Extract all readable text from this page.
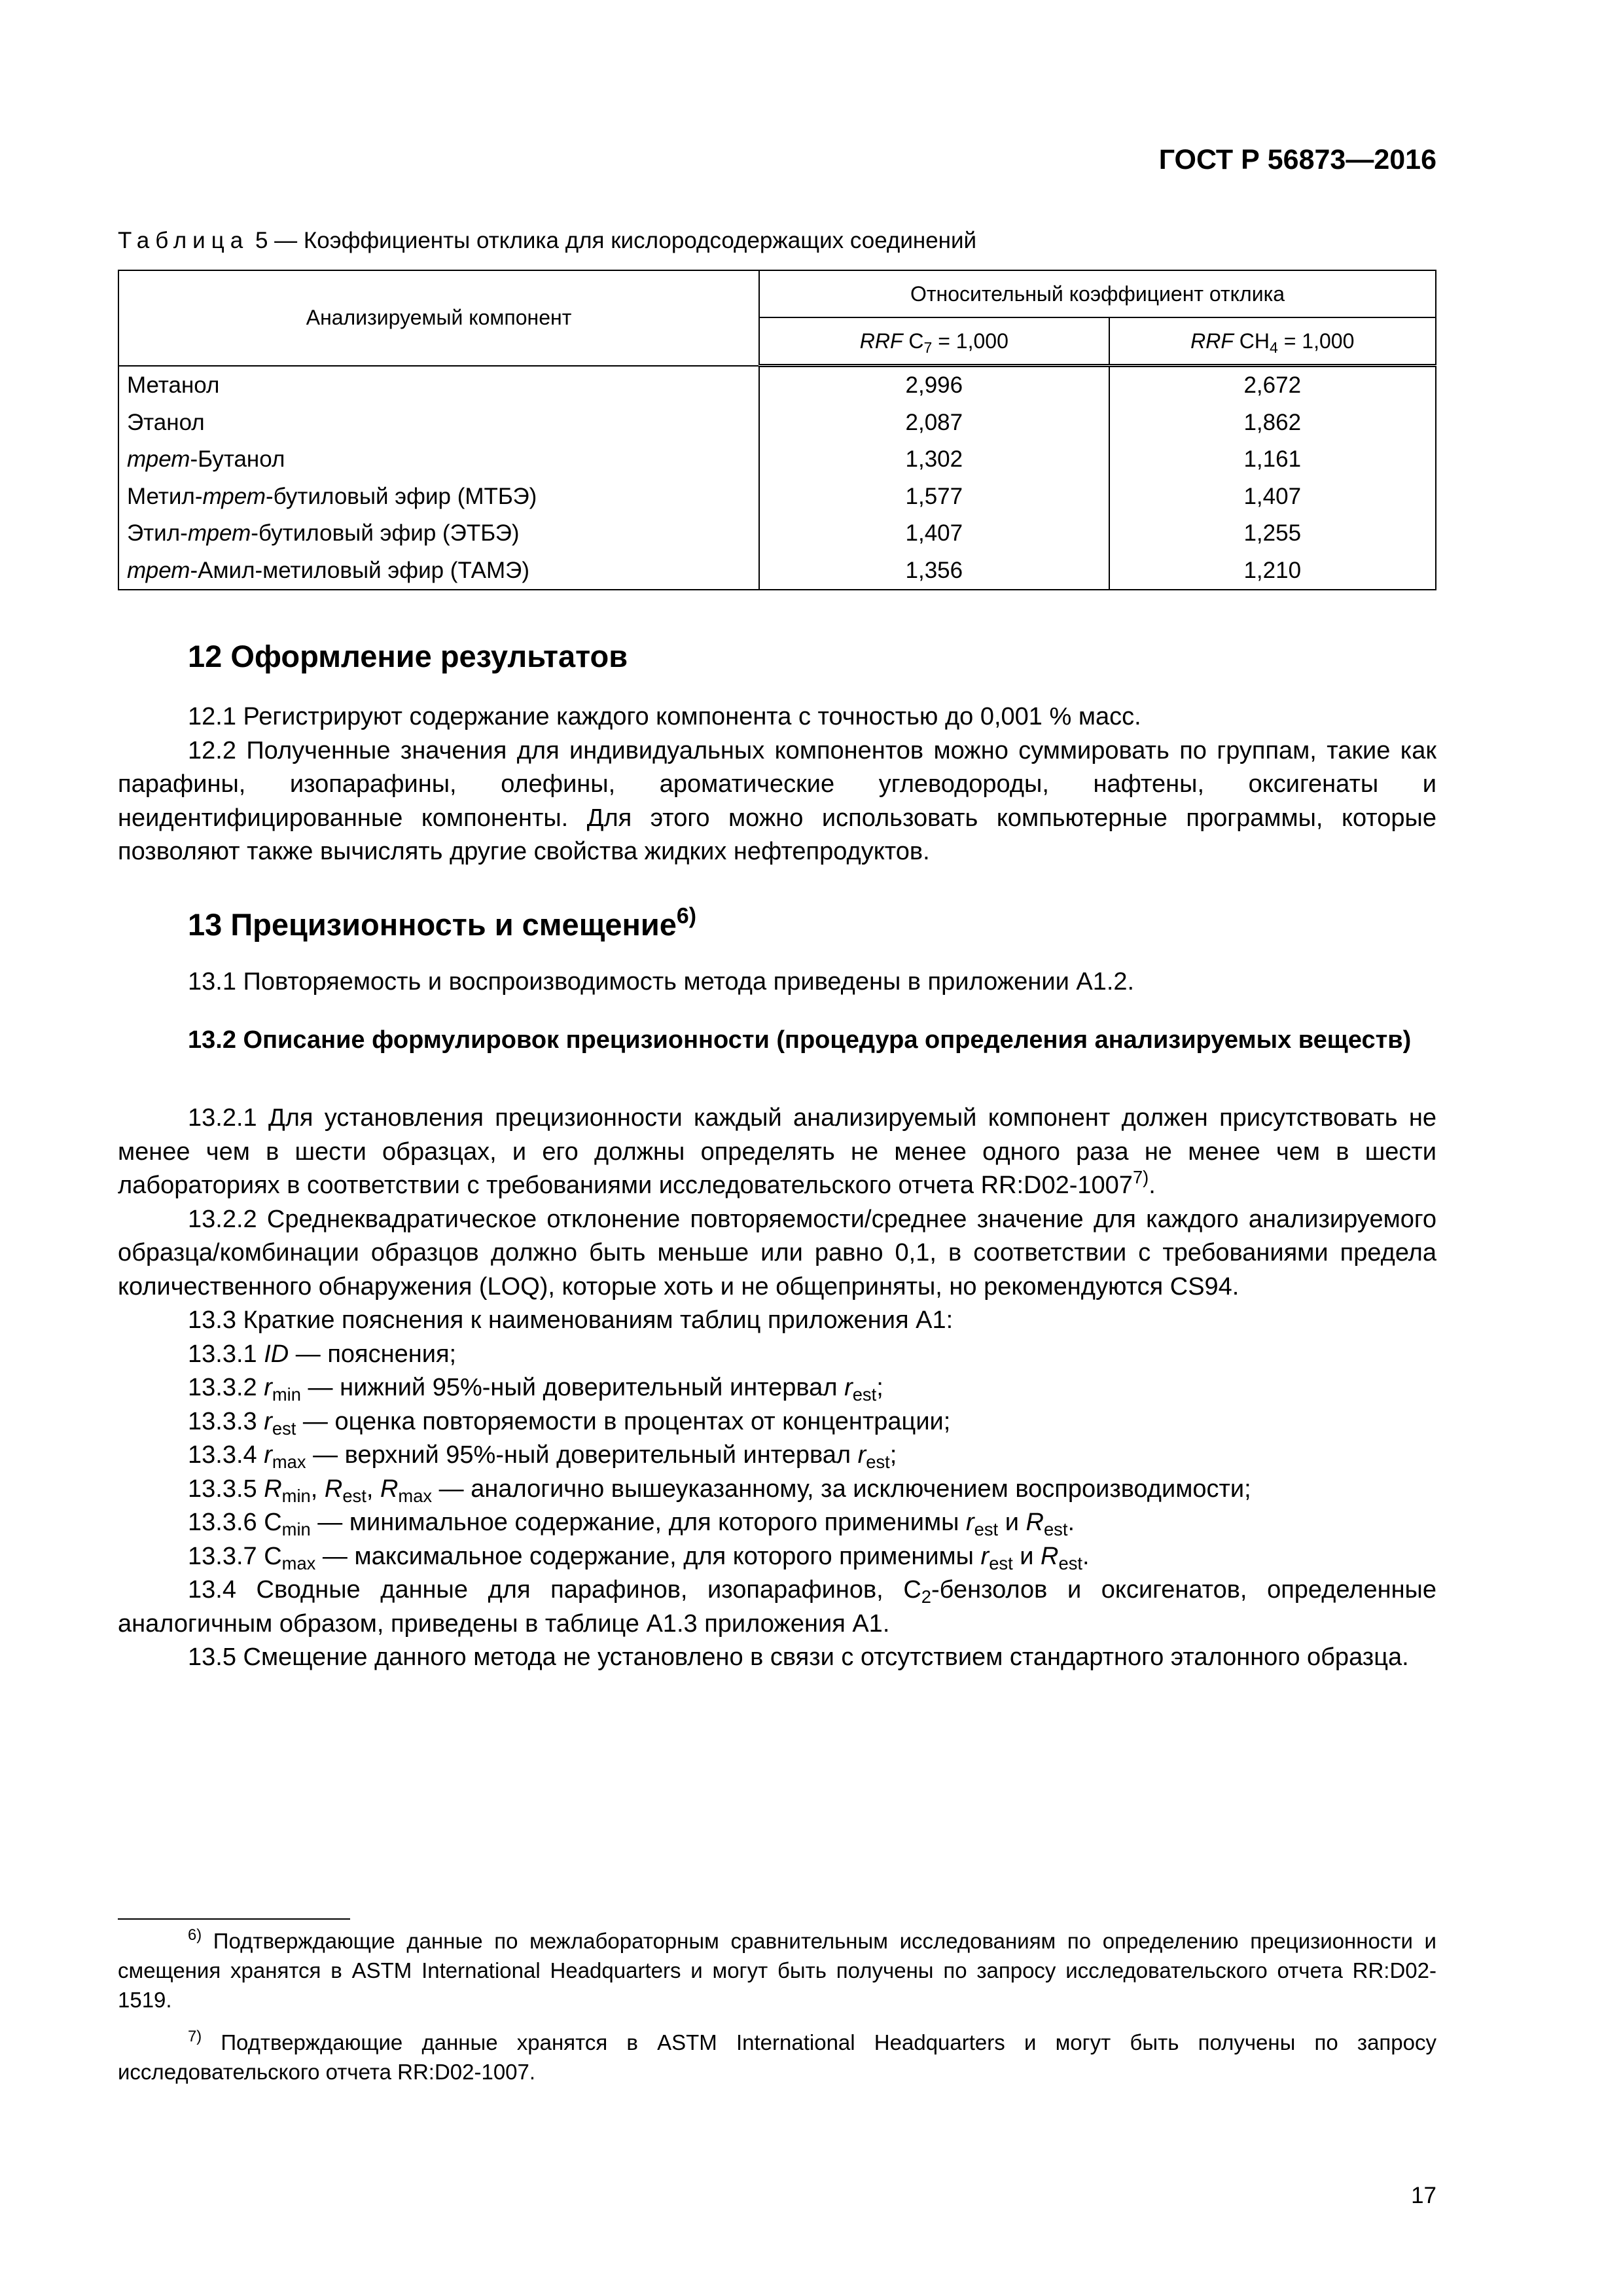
ГОСТ Р 56873—2016
Таблица 5 — Коэффициенты отклика для кислородсодержащих соединений
Анализируемый компонент	Относительный коэффициент отклика	
	RRF $C_7 = 1,000$	RRF $CH_4 = 1,000$
Метанол	2,996	2,672
Этанол	2,087	1,862
трет-Бутанол	1,302	1,161
Метил-трет-бутиловый эфир (МТБЭ)	1,577	1,407
Этил-трет-бутиловый эфир (ЭТБЭ)	1,407	1,255
трет-Амил-метиловый эфир (ТАМЭ)	1,356	1,210
12 Оформление результатов

12.1 Регистрируют содержание каждого компонента с точностью до 0,001 % масс.

12.2 Полученные значения для индивидуальных компонентов можно суммировать по группам, такие как парафины, изопарафины, олефины, ароматические углеводороды, нафтены, оксигенаты и неидентифицированные компоненты. Для этого можно использовать компьютерные программы, которые позволяют также вычислять другие свойства жидких нефтепродуктов.

13 Прецизионность и смещение$^{6)}$

13.1 Повторяемость и воспроизводимость метода приведены в приложении А1.2.

13.2 Описание формулировок прецизионности (процедура определения анализируемых веществ)

13.2.1 Для установления прецизионности каждый анализируемый компонент должен присутствовать не менее чем в шести образцах, и его должны определять не менее одного раза не менее чем в шести лабораториях в соответствии с требованиями исследовательского отчета RR:D02-1007$^{7)}$.

13.2.2 Среднеквадратическое отклонение повторяемости/среднее значение для каждого анализируемого образца/комбинации образцов должно быть меньше или равно 0,1, в соответствии с требованиями предела количественного обнаружения (LOQ), которые хоть и не общеприняты, но рекомендуются CS94.

13.3 Краткие пояснения к наименованиям таблиц приложения А1:

13.3.1 ID — пояснения;

13.3.2 $r_{min}$ — нижний 95%-ный доверительный интервал $r_{est}$;

13.3.3 $r_{est}$ — оценка повторяемости в процентах от концентрации;

13.3.4 $r_{max}$ — верхний 95%-ный доверительный интервал $r_{est}$;

13.3.5 $R_{min}$, $R_{est}$, $R_{max}$ — аналогично вышеуказанному, за исключением воспроизводимости;

13.3.6 $C_{min}$ — минимальное содержание, для которого применимы $r_{est}$ и $R_{est}$.

13.3.7 $C_{max}$ — максимальное содержание, для которого применимы $r_{est}$ и $R_{est}$.

13.4 Сводные данные для парафинов, изопарафинов, $C_2$-бензолов и оксигенатов, определенные аналогичным образом, приведены в таблице А1.3 приложения А1.

13.5 Смещение данного метода не установлено в связи с отсутствием стандартного эталонного образца.

$^{6)}$ Подтверждающие данные по межлабораторным сравнительным исследованиям по определению прецизионности и смещения хранятся в ASTM International Headquarters и могут быть получены по запросу исследовательского отчета RR:D02-1519.

$^{7)}$ Подтверждающие данные хранятся в ASTM International Headquarters и могут быть получены по запросу исследовательского отчета RR:D02-1007.

17
